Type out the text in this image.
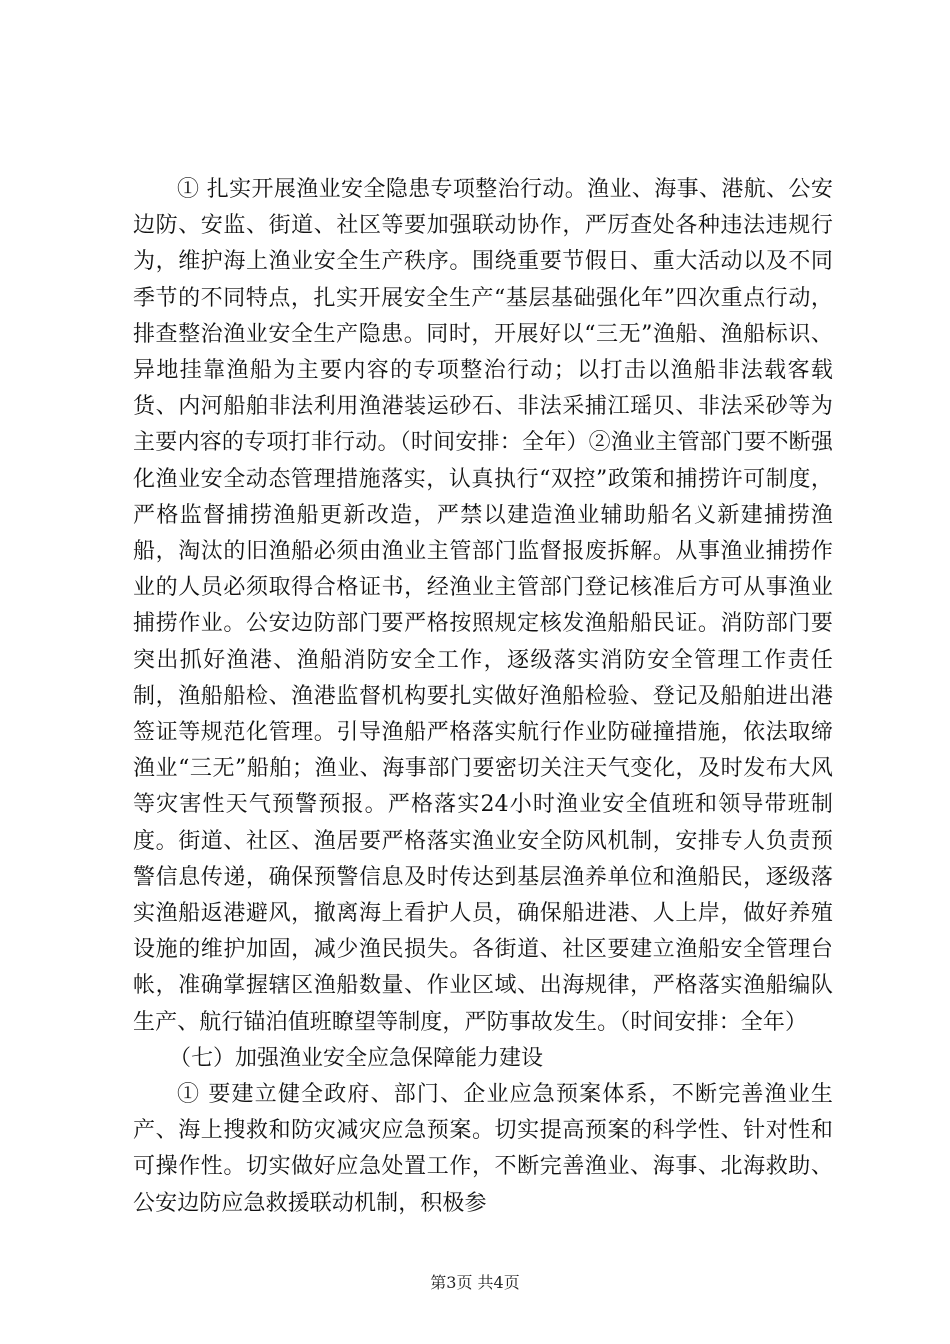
① 扎实开展渔业安全隐患专项整治行动。渔业、海事、港航、公安边防、安监、街道、社区等要加强联动协作，严厉查处各种违法违规行为，维护海上渔业安全生产秩序。围绕重要节假日、重大活动以及不同季节的不同特点，扎实开展安全生产“基层基础强化年”四次重点行动，排查整治渔业安全生产隐患。同时，开展好以“三无”渔船、渔船标识、异地挂靠渔船为主要内容的专项整治行动；以打击以渔船非法载客载货、内河船舶非法利用渔港装运砂石、非法采捕江瑶贝、非法采砂等为主要内容的专项打非行动。（时间安排：全年）②渔业主管部门要不断强化渔业安全动态管理措施落实，认真执行“双控”政策和捕捞许可制度，严格监督捕捞渔船更新改造，严禁以建造渔业辅助船名义新建捕捞渔船，淘汰的旧渔船必须由渔业主管部门监督报废拆解。从事渔业捕捞作业的人员必须取得合格证书，经渔业主管部门登记核准后方可从事渔业捕捞作业。公安边防部门要严格按照规定核发渔船船民证。消防部门要突出抓好渔港、渔船消防安全工作，逐级落实消防安全管理工作责任制，渔船船检、渔港监督机构要扎实做好渔船检验、登记及船舶进出港签证等规范化管理。引导渔船严格落实航行作业防碰撞措施，依法取缔渔业“三无”船舶；渔业、海事部门要密切关注天气变化，及时发布大风等灾害性天气预警预报。严格落实24小时渔业安全值班和领导带班制度。街道、社区、渔居要严格落实渔业安全防风机制，安排专人负责预警信息传递，确保预警信息及时传达到基层渔养单位和渔船民，逐级落实渔船返港避风，撤离海上看护人员，确保船进港、人上岸，做好养殖设施的维护加固，减少渔民损失。各街道、社区要建立渔船安全管理台帐，准确掌握辖区渔船数量、作业区域、出海规律，严格落实渔船编队生产、航行锚泊值班瞭望等制度，严防事故发生。（时间安排：全年）

（七）加强渔业安全应急保障能力建设

① 要建立健全政府、部门、企业应急预案体系，不断完善渔业生产、海上搜救和防灾减灾应急预案。切实提高预案的科学性、针对性和可操作性。切实做好应急处置工作，不断完善渔业、海事、北海救助、公安边防应急救援联动机制，积极参

第3页 共4页
